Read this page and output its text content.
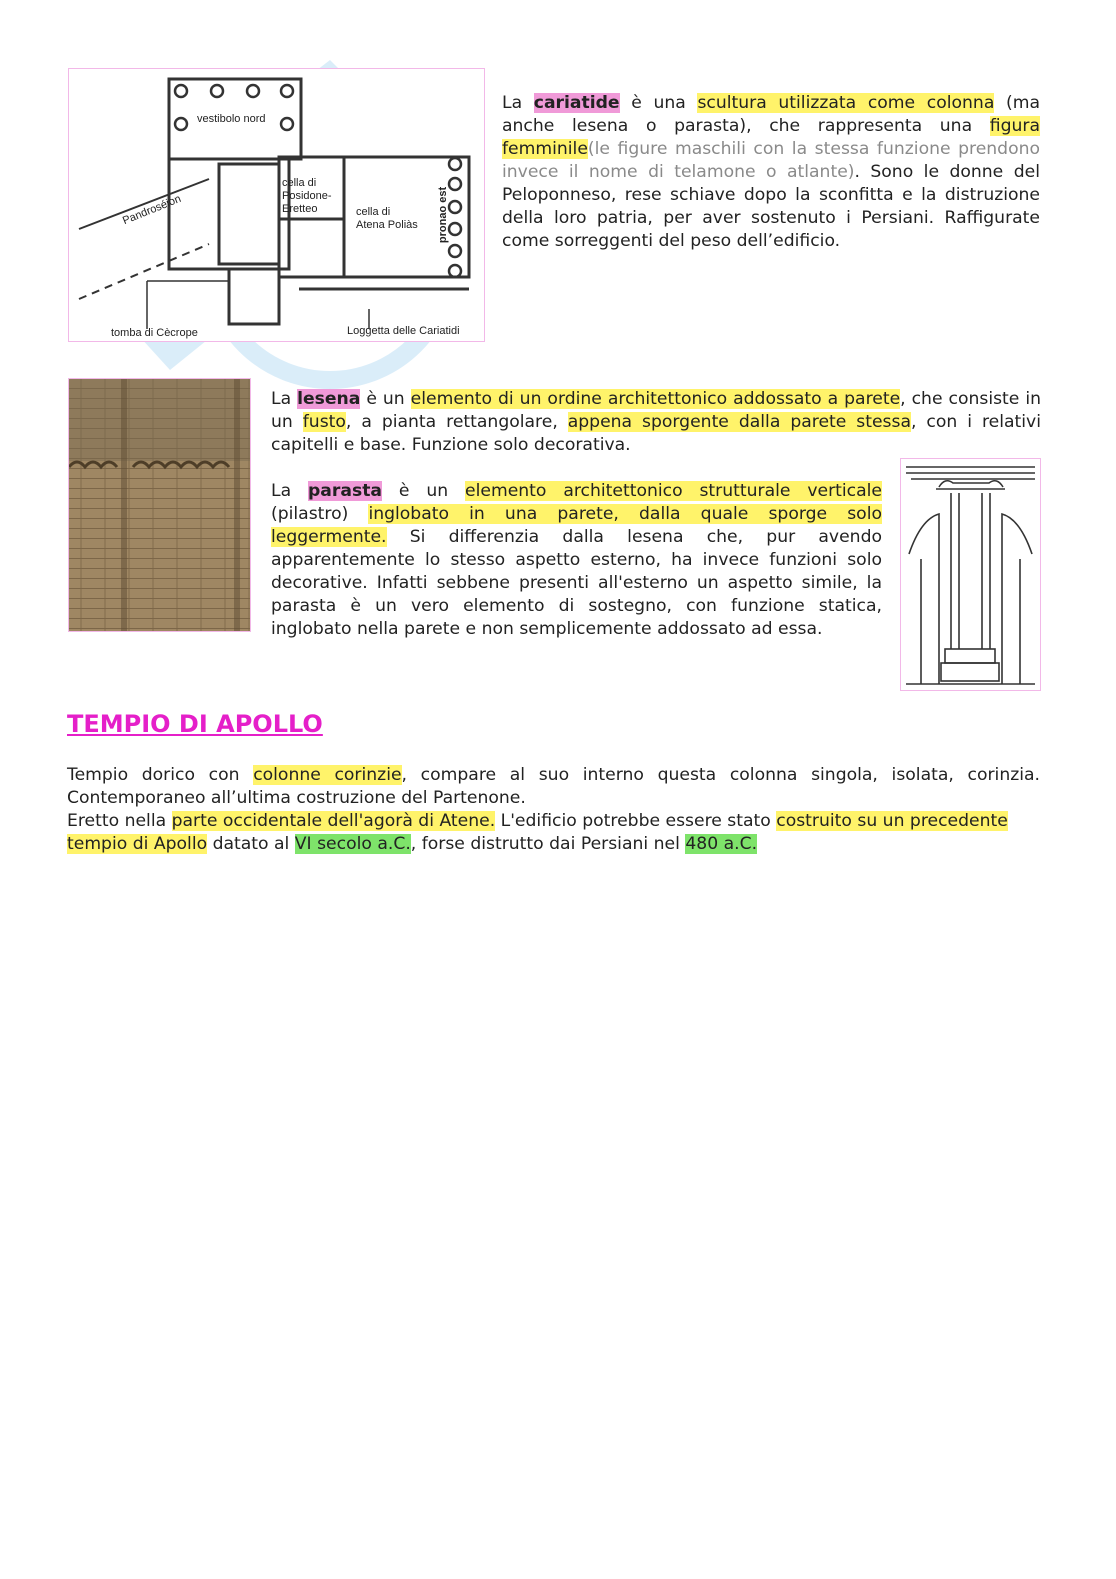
vestibolo nord
Pandroséion
cella di
Posidone-
Eretteo	cella di
Atena Poliàs pronao est
tomba di Cècrope	Loggetta delle Cariatidi
La cariatide è una scultura utilizzata come colonna (ma anche lesena o parasta), che rappresenta una figura femminile(le figure maschili con la stessa funzione prendono invece il nome di telamone o atlante). Sono le donne del Peloponneso, rese schiave dopo la sconfitta e la distruzione della loro patria, per aver sostenuto i Persiani. Raffigurate come sorreggenti del peso dell’edificio.
La lesena è un elemento di un ordine architettonico addossato a parete, che consiste in un fusto, a pianta rettangolare, appena sporgente dalla parete stessa, con i relativi capitelli e base. Funzione solo decorativa.
La parasta è un elemento architettonico strutturale verticale (pilastro) inglobato in una parete, dalla quale sporge solo leggermente. Si differenzia dalla lesena che, pur avendo apparentemente lo stesso aspetto esterno, ha invece funzioni solo decorative. Infatti sebbene presenti all'esterno un aspetto simile, la parasta è un vero elemento di sostegno, con funzione statica, inglobato nella parete e non semplicemente addossato ad essa.
TEMPIO DI APOLLO
Tempio dorico con colonne corinzie, compare al suo interno questa colonna singola, isolata, corinzia. Contemporaneo all’ultima costruzione del Partenone.
Eretto nella parte occidentale dell'agorà di Atene. L'edificio potrebbe essere stato costruito su un precedente tempio di Apollo datato al VI secolo a.C., forse distrutto dai Persiani nel 480 a.C.
